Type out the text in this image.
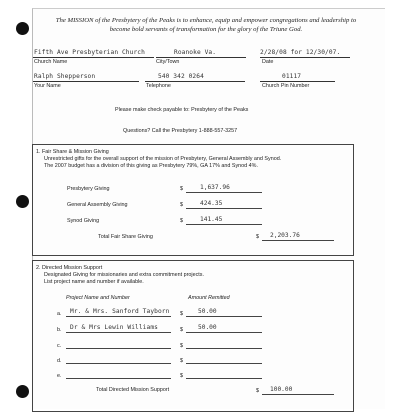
The MISSION of the Presbytery of the Peaks is to enhance, equip and empower congregations and leadership to become bold servants of transformation for the glory of the Triune God.
Fifth Ave Presbyterian Church
Church Name
Roanoke Va.
City/Town
2/28/08 for 12/30/07.
Date
Ralph Shepperson
Your Name
540 342 0264
Telephone
01117
Church Pin Number
Please make check payable to: Presbytery of the Peaks
Questions? Call the Presbytery 1-888-557-3257
1. Fair Share & Mission Giving
Unrestricted gifts for the overall support of the mission of Presbytery, General Assembly and Synod.
The 2007 budget has a division of this giving as Presbytery 79%, GA 17% and Synod 4%.
Presbytery Giving	$	1,637.96
General Assembly Giving	$	424.35
Synod Giving	$	141.45
Total Fair Share Giving	$ 2,203.76
2. Directed Mission Support
Designated Giving for missionaries and extra commitment projects.
List project name and number if available.
Project Name and Number	Amount Remitted
a. Mr. & Mrs. Sanford Tayborn $ 50.00
b. Dr & Mrs Lewin Williams	$ 50.00
c.	$
d.	$
e.	$
Total Directed Mission Support	$ 100.00
